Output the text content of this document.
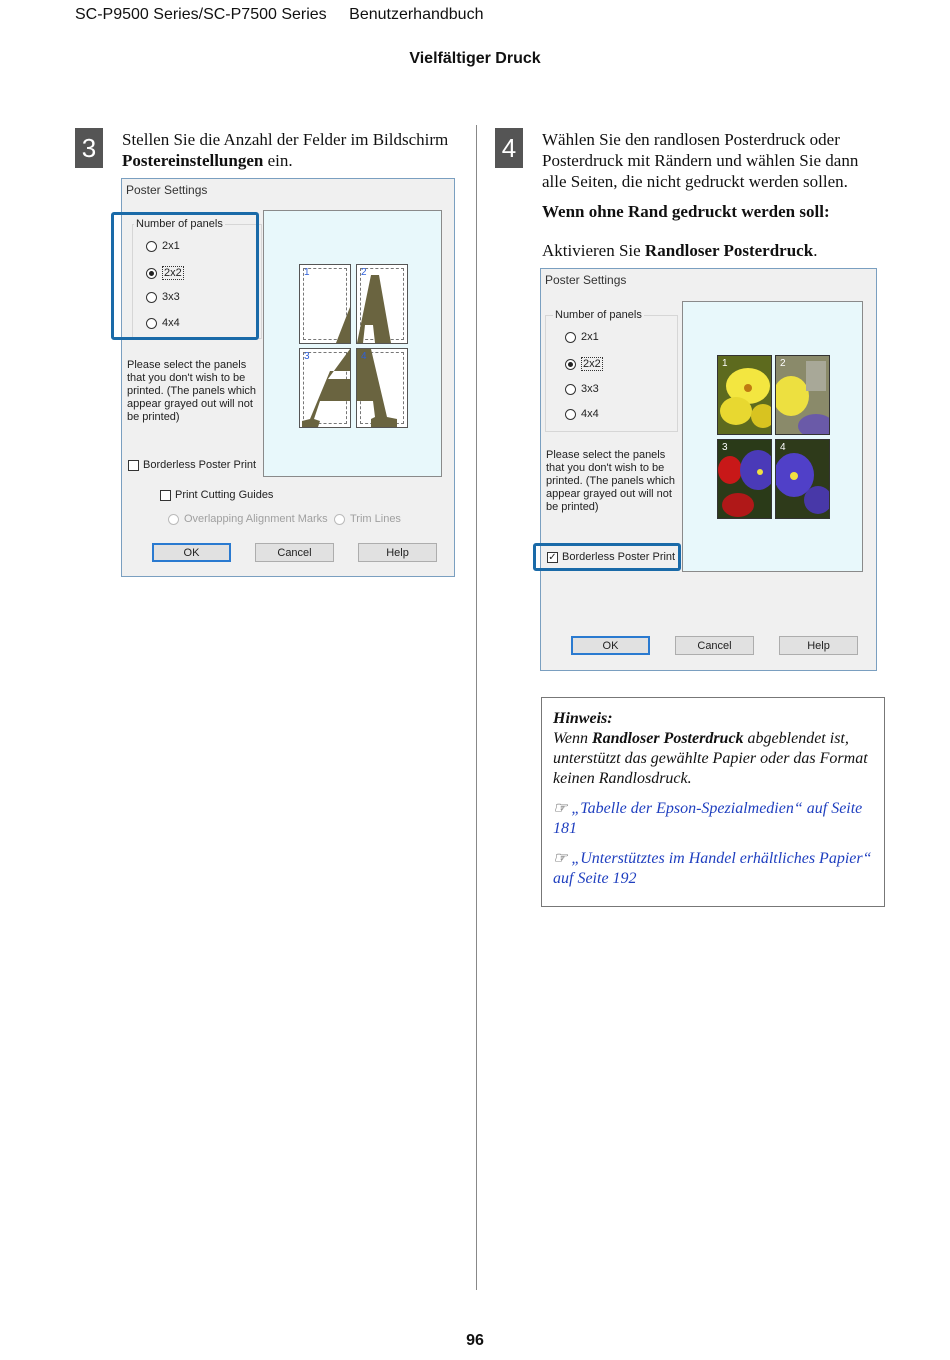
SC-P9500 Series/SC-P7500 Series Benutzerhandbuch
Vielfältiger Druck
3	Stellen Sie die Anzahl der Felder im Bildschirm Postereinstellungen ein.
Poster Settings
Number of panels
2x1
2x2
3x3
4x4
Please select the panels that you don't wish to be printed. (The panels which appear grayed out will not be printed)
1	2
3	4
Borderless Poster Print
Print Cutting Guides
Overlapping Alignment Marks Trim Lines
OK	Cancel	Help
4	Wählen Sie den randlosen Posterdruck oder Posterdruck mit Rändern und wählen Sie dann alle Seiten, die nicht gedruckt werden sollen.
Wenn ohne Rand gedruckt werden soll:
Aktivieren Sie Randloser Posterdruck.
Poster Settings
Number of panels
2x1
2x2
3x3
4x4
Please select the panels that you don't wish to be printed. (The panels which appear grayed out will not be printed)
1	2
3	4
✓ Borderless Poster Print
OK	Cancel	Help
Hinweis:
Wenn Randloser Posterdruck abgeblendet ist, unterstützt das gewählte Papier oder das Format keinen Randlosdruck.
☞ „Tabelle der Epson-Spezialmedien“ auf Seite 181
☞ „Unterstütztes im Handel erhältliches Papier“ auf Seite 192
96
